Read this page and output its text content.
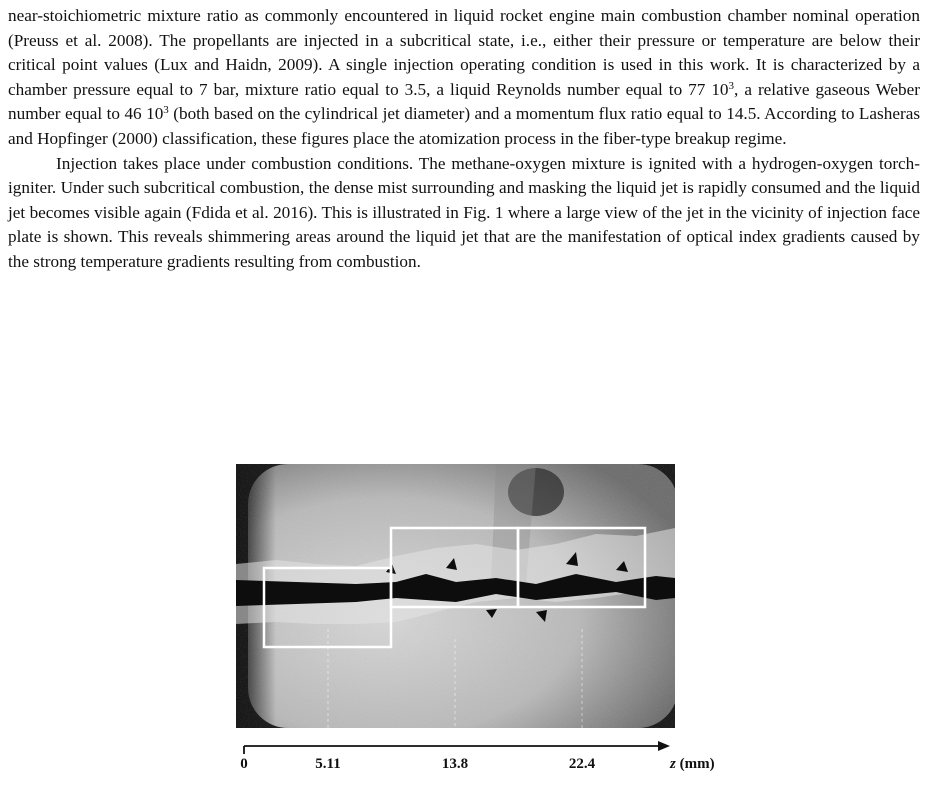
near-stoichiometric mixture ratio as commonly encountered in liquid rocket engine main combustion chamber nominal operation (Preuss et al. 2008). The propellants are injected in a subcritical state, i.e., either their pressure or temperature are below their critical point values (Lux and Haidn, 2009). A single injection operating condition is used in this work. It is characterized by a chamber pressure equal to 7 bar, mixture ratio equal to 3.5, a liquid Reynolds number equal to 77 $10^3$, a relative gaseous Weber number equal to 46 $10^3$ (both based on the cylindrical jet diameter) and a momentum flux ratio equal to 14.5. According to Lasheras and Hopfinger (2000) classification, these figures place the atomization process in the fiber-type breakup regime.

Injection takes place under combustion conditions. The methane-oxygen mixture is ignited with a hydrogen-oxygen torch-igniter. Under such subcritical combustion, the dense mist surrounding and masking the liquid jet is rapidly consumed and the liquid jet becomes visible again (Fdida et al. 2016). This is illustrated in Fig. 1 where a large view of the jet in the vicinity of injection face plate is shown. This reveals shimmering areas around the liquid jet that are the manifestation of optical index gradients caused by the strong temperature gradients resulting from combustion.

0	5.11	13.8	22.4	z (mm)
